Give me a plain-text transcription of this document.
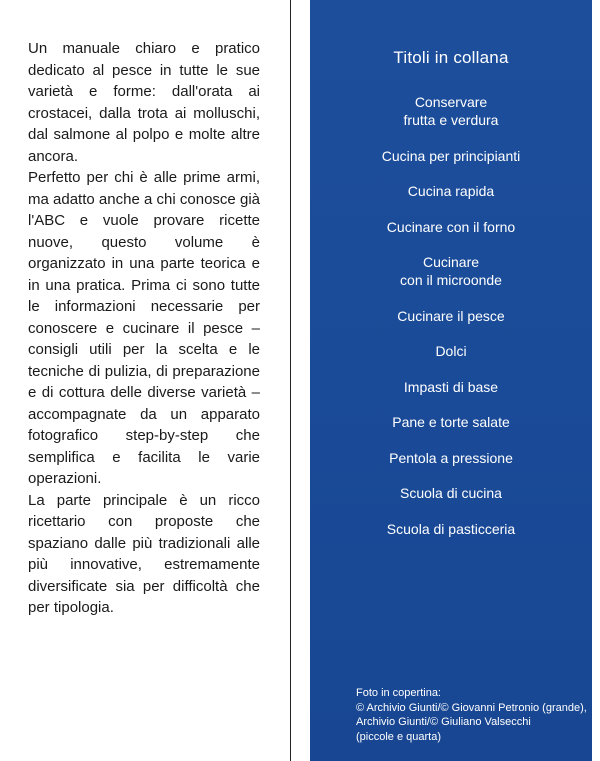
Un manuale chiaro e pratico dedicato al pesce in tutte le sue varietà e forme: dall'orata ai crostacei, dalla trota ai molluschi, dal salmone al polpo e molte altre ancora.

Perfetto per chi è alle prime armi, ma adatto anche a chi conosce già l'ABC e vuole provare ricette nuove, questo volume è organizzato in una parte teorica e in una pratica. Prima ci sono tutte le informazioni necessarie per conoscere e cucinare il pesce – consigli utili per la scelta e le tecniche di pulizia, di preparazione e di cottura delle diverse varietà – accompagnate da un apparato fotografico step-by-step che semplifica e facilita le varie operazioni.

La parte principale è un ricco ricettario con proposte che spaziano dalle più tradizionali alle più innovative, estremamente diversificate sia per difficoltà che per tipologia.

Titoli in collana
Conservare
frutta e verdura
Cucina per principianti
Cucina rapida
Cucinare con il forno
Cucinare
con il microonde
Cucinare il pesce
Dolci
Impasti di base
Pane e torte salate
Pentola a pressione
Scuola di cucina
Scuola di pasticceria
Foto in copertina:
© Archivio Giunti/© Giovanni Petronio (grande),
Archivio Giunti/© Giuliano Valsecchi
(piccole e quarta)
